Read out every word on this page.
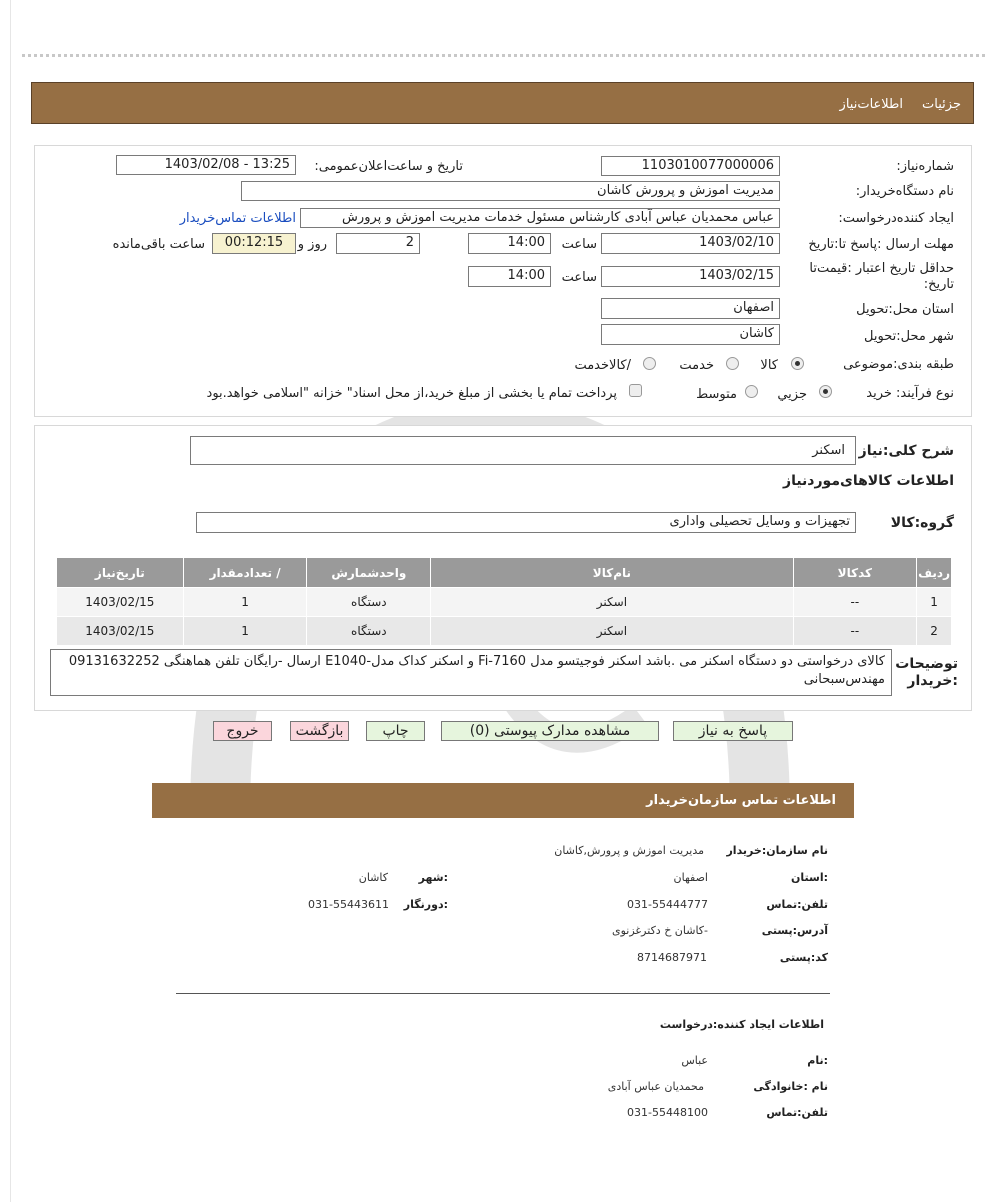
اطلاعات‌نیاز جزئیات
شماره‌نیاز:
1103010077000006
تاریخ و ساعت‌اعلان‌عمومی:
1403/02/08 - 13:25
نام دستگاه‌خریدار:
مدیریت اموزش و پرورش کاشان
ایجاد کننده‌درخواست:
عباس محمدیان عباس آبادی کارشناس مسئول خدمات مدیریت اموزش و پرورش
اطلاعات تماس‌خریدار
مهلت ارسال :پاسخ تا:تاریخ
1403/02/10
ساعت
14:00
2
روز و
00:12:15
ساعت باقی‌مانده
حداقل تاریخ اعتبار :قیمت‌تا تاریخ:
1403/02/15
ساعت
14:00
استان محل:تحویل
اصفهان
شهر محل:تحویل
کاشان
طبقه بندی:موضوعی
کالا
خدمت
/کالاخدمت
نوع فرآیند: خرید
جزیي
متوسط
پرداخت تمام یا بخشی از مبلغ خرید،از محل اسناد" خزانه "اسلامی خواهد.بود
شرح کلی:نیاز
اسکنر
اطلاعات کالاهای‌موردنیاز
گروه:کالا
تجهیزات و وسایل تحصیلی واداری
ردیف	کدکالا	نام‌کالا	واحدشمارش	/ تعدادمقدار	تاریخ‌نیاز
1	--	اسکنر	دستگاه	1	1403/02/15
2	--	اسکنر	دستگاه	1	1403/02/15
توضیحات :خریدار
کالای درخواستی دو دستگاه اسکنر می .باشد اسکنر فوجیتسو مدل Fi-7160 و اسکنر کداک مدل-E1040 ارسال -رایگان تلفن هماهنگی 09131632252 مهندس‌سبحانی
پاسخ به نیاز
مشاهده مدارک پیوستی (0)
چاپ
بازگشت
خروج
اطلاعات تماس سازمان‌خریدار
نام سازمان:خریدار
مدیریت اموزش و پرورش,کاشان
:استان
اصفهان
:شهر
کاشان
تلفن:تماس
031-55444777
:دورنگار
031-55443611
آدرس:پستی
-کاشان خ دکترغزنوی
کد:پستی
8714687971
اطلاعات ایجاد کننده:درخواست
:نام
عباس
نام :خانوادگی
محمدیان عباس آبادی
تلفن:تماس
031-55448100
